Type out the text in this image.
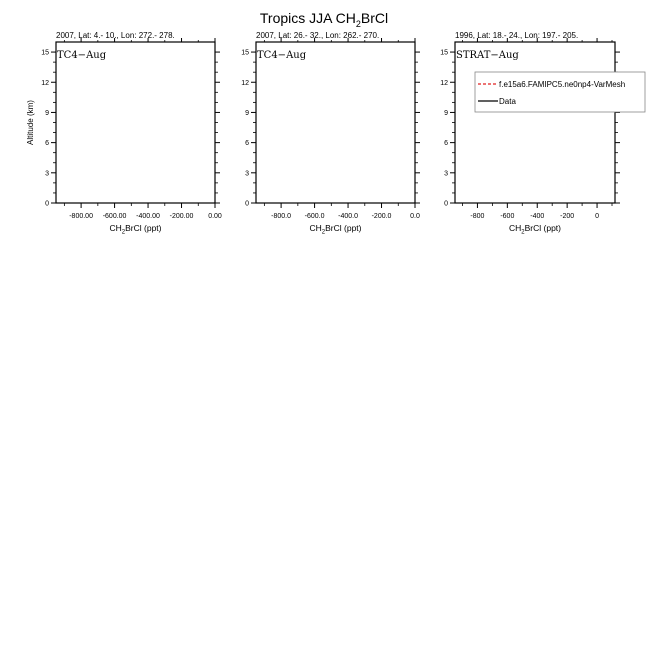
Tropics JJA $CH_2BrCl$
2007, Lat: 4.- 10., Lon: 272.- 278.
TC4−Aug
0
3
6
9
12
15
-800.00 -600.00 -400.00 -200.00 0.00
$CH_2BrCl$ (ppt)
Altitude (km)
2007, Lat: 26.- 32., Lon: 262.- 270.
TC4−Aug
0
3
6
9
12
15
-800.0 -600.0 -400.0 -200.0	0.0
$CH_2BrCl$ (ppt)
1996, Lat: 18.- 24., Lon: 197.- 205.
STRAT−Aug
0
3
6
9
12
15
-800 -600 -400 -200	0
$CH_2BrCl$ (ppt)
f.e15a6.FAMIPC5.ne0np4-VarMesh
Data
